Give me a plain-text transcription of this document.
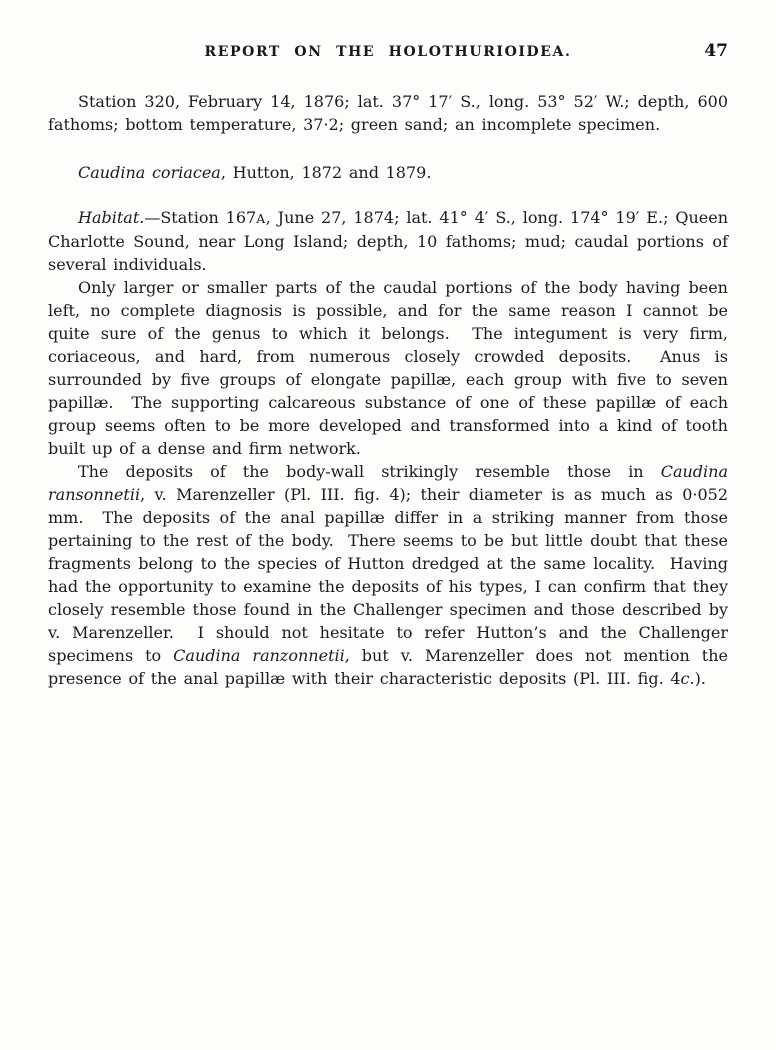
REPORT ON THE HOLOTHURIOIDEA.	47

Station 320, February 14, 1876; lat. 37° 17′ S., long. 53° 52′ W.; depth, 600 fathoms; bottom temperature, 37·2; green sand; an incomplete specimen.

Caudina coriacea, Hutton, 1872 and 1879.

Habitat.—Station 167A, June 27, 1874; lat. 41° 4′ S., long. 174° 19′ E.; Queen Charlotte Sound, near Long Island; depth, 10 fathoms; mud; caudal portions of several individuals.

Only larger or smaller parts of the caudal portions of the body having been left, no complete diagnosis is possible, and for the same reason I cannot be quite sure of the genus to which it belongs.  The integument is very firm, coriaceous, and hard, from numerous closely crowded deposits.  Anus is surrounded by five groups of elongate papillæ, each group with five to seven papillæ.  The supporting calcareous substance of one of these papillæ of each group seems often to be more developed and transformed into a kind of tooth built up of a dense and firm network.

The deposits of the body-wall strikingly resemble those in Caudina ransonnetii, v. Marenzeller (Pl. III. fig. 4); their diameter is as much as 0·052 mm.  The deposits of the anal papillæ differ in a striking manner from those pertaining to the rest of the body.  There seems to be but little doubt that these fragments belong to the species of Hutton dredged at the same locality.  Having had the opportunity to examine the deposits of his types, I can confirm that they closely resemble those found in the Challenger specimen and those described by v. Marenzeller.  I should not hesitate to refer Hutton’s and the Challenger specimens to Caudina ranzonnetii, but v. Marenzeller does not mention the presence of the anal papillæ with their characteristic deposits (Pl. III. fig. 4c.).
